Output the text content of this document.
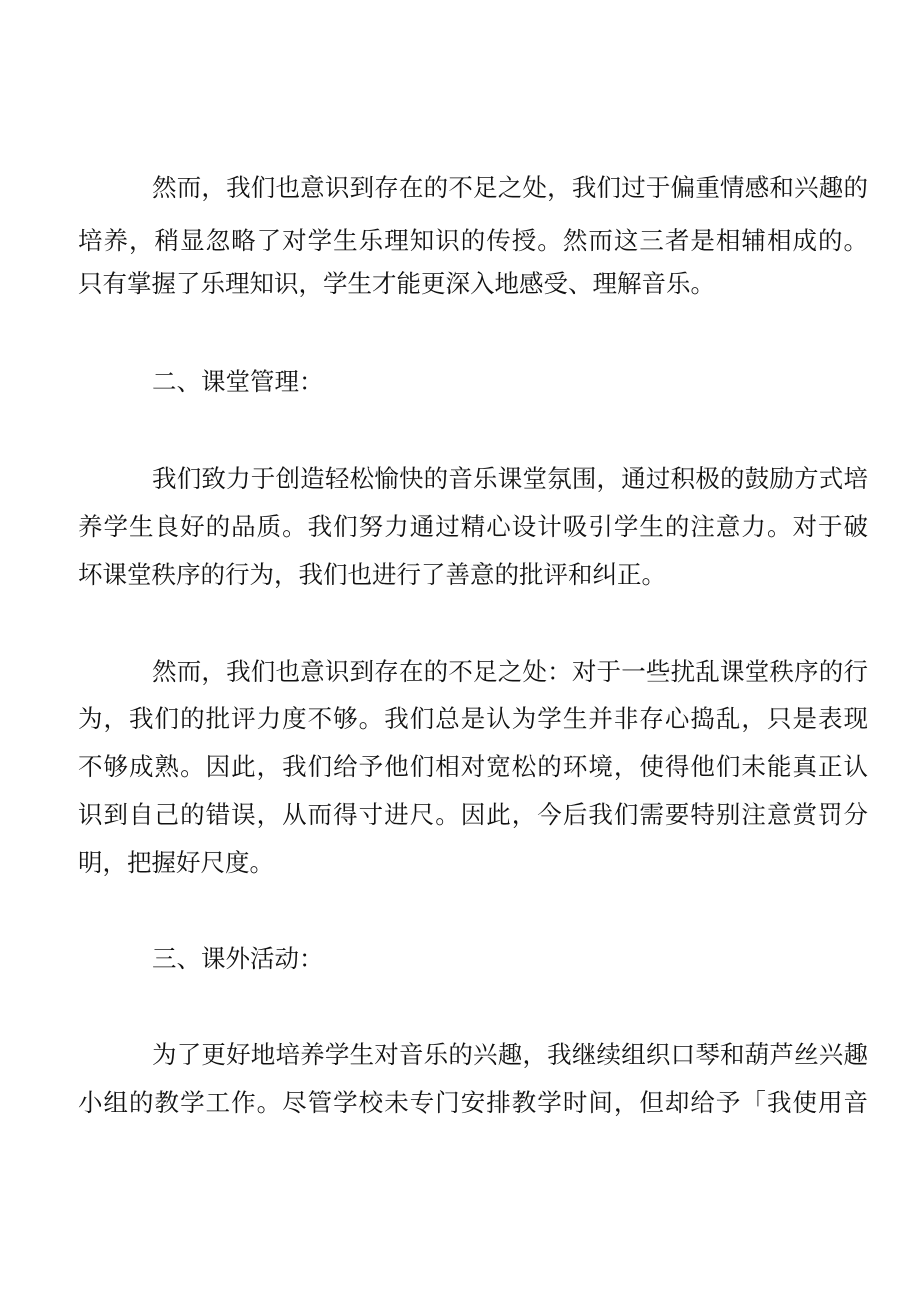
然而，我们也意识到存在的不足之处，我们过于偏重情感和兴趣的
培养，稍显忽略了对学生乐理知识的传授。然而这三者是相辅相成的。
只有掌握了乐理知识，学生才能更深入地感受、理解音乐。
二、课堂管理：
我们致力于创造轻松愉快的音乐课堂氛围，通过积极的鼓励方式培
养学生良好的品质。我们努力通过精心设计吸引学生的注意力。对于破
坏课堂秩序的行为，我们也进行了善意的批评和纠正。
然而，我们也意识到存在的不足之处：对于一些扰乱课堂秩序的行
为，我们的批评力度不够。我们总是认为学生并非存心捣乱，只是表现
不够成熟。因此，我们给予他们相对宽松的环境，使得他们未能真正认
识到自己的错误，从而得寸进尺。因此，今后我们需要特别注意赏罚分
明，把握好尺度。
三、课外活动：
为了更好地培养学生对音乐的兴趣，我继续组织口琴和葫芦丝兴趣
小组的教学工作。尽管学校未专门安排教学时间，但却给予「我使用音
